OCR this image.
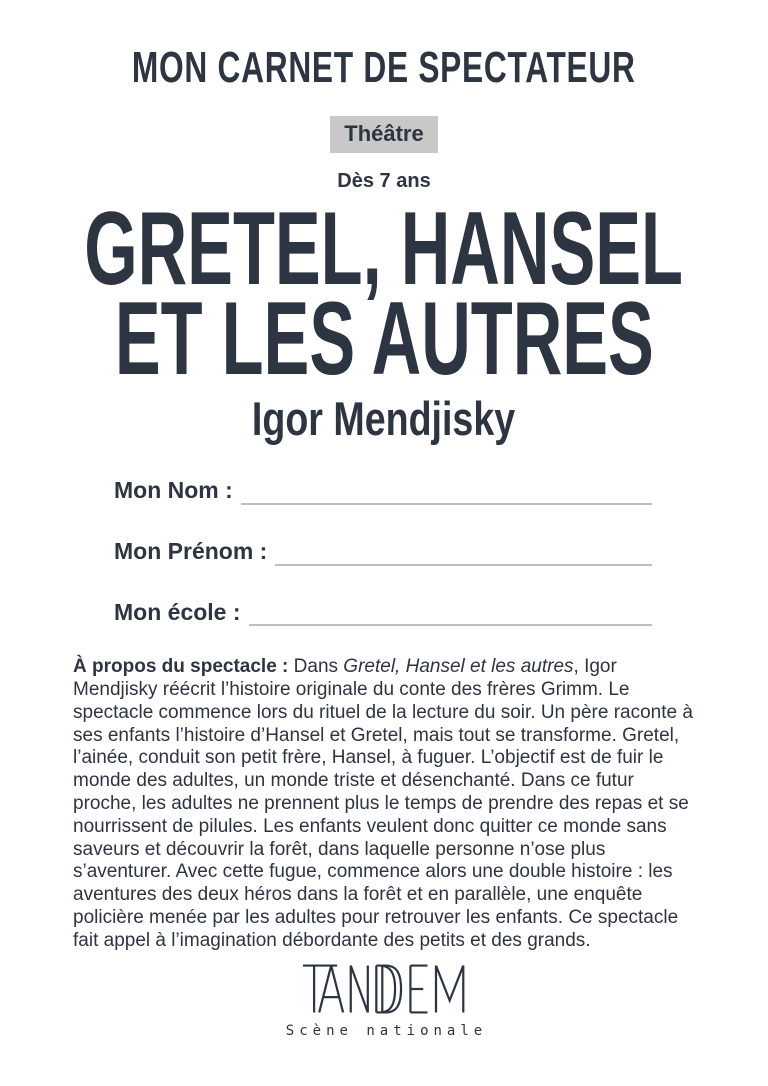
MON CARNET DE SPECTATEUR
Théâtre
Dès 7 ans
GRETEL, HANSEL
ET LES AUTRES
Igor Mendjisky
Mon Nom :
Mon Prénom :
Mon école :

À propos du spectacle : Dans Gretel, Hansel et les autres, Igor Mendjisky réécrit l’histoire originale du conte des frères Grimm. Le spectacle commence lors du rituel de la lecture du soir. Un père raconte à ses enfants l’histoire d’Hansel et Gretel, mais tout se transforme. Gretel, l’ainée, conduit son petit frère, Hansel, à fuguer. L’objectif est de fuir le monde des adultes, un monde triste et désenchanté. Dans ce futur proche, les adultes ne prennent plus le temps de prendre des repas et se nourrissent de pilules. Les enfants veulent donc quitter ce monde sans saveurs et découvrir la forêt, dans laquelle personne n’ose plus s’aventurer. Avec cette fugue, commence alors une double histoire : les aventures des deux héros dans la forêt et en parallèle, une enquête policière menée par les adultes pour retrouver les enfants. Ce spectacle fait appel à l’imagination débordante des petits et des grands.

Scène nationale
